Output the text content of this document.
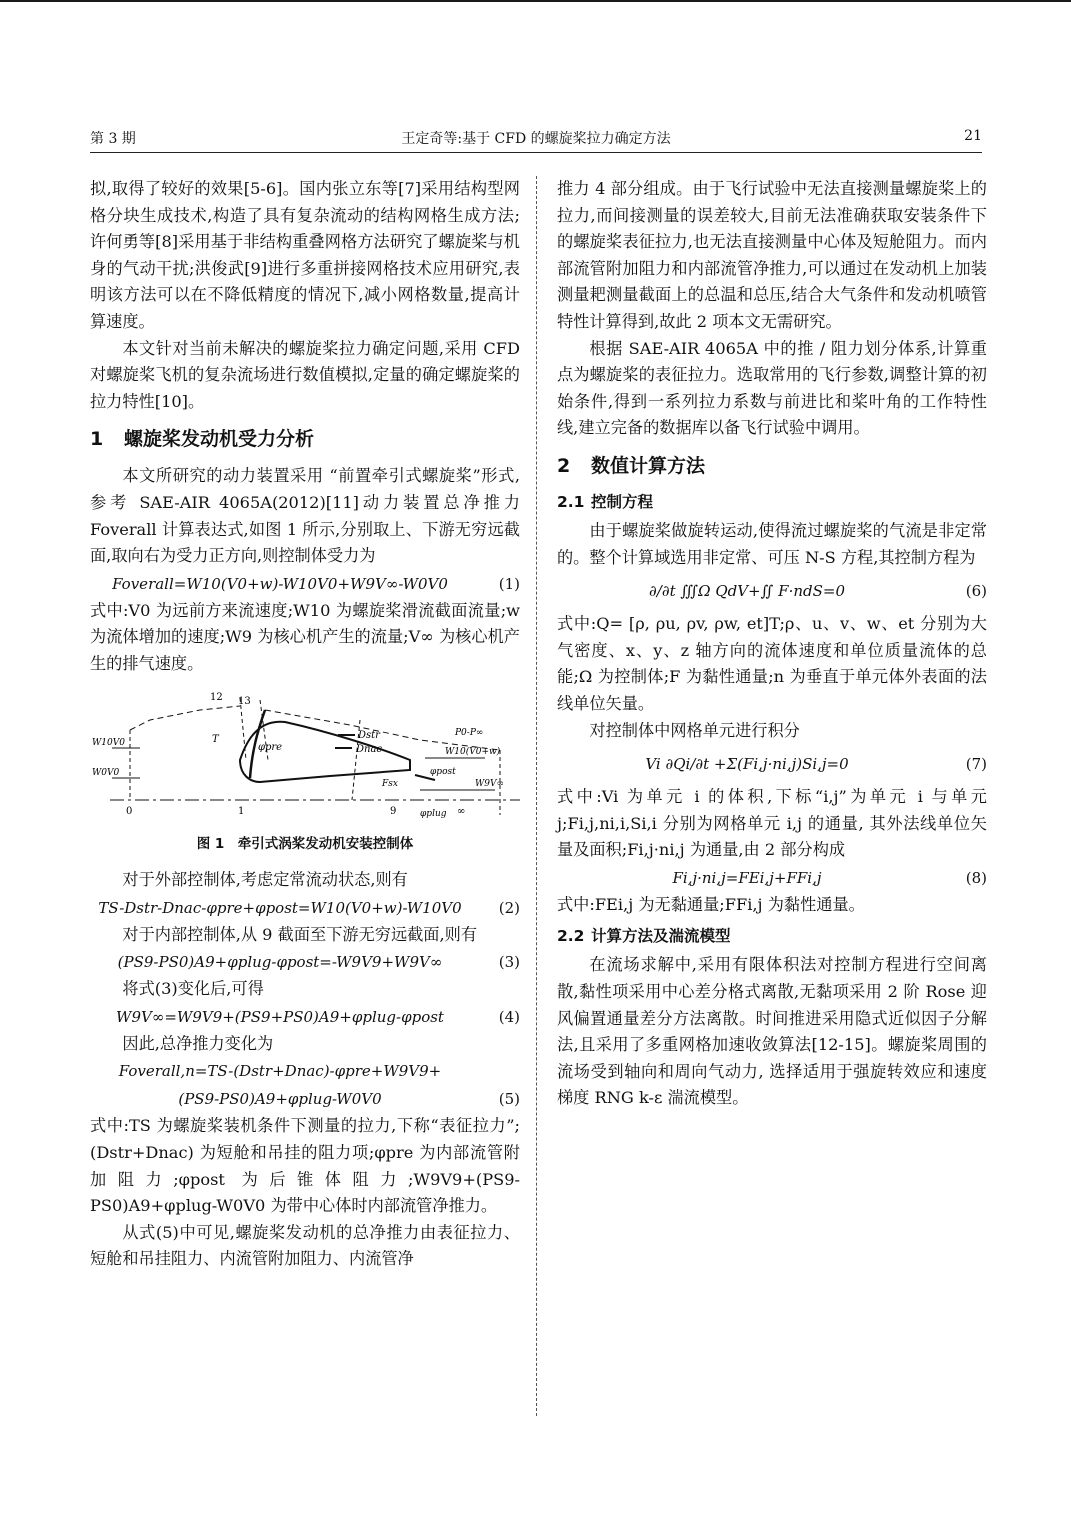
第 3 期	王定奇等:基于 CFD 的螺旋桨拉力确定方法	21

拟,取得了较好的效果[5-6]。国内张立东等[7]采用结构型网格分块生成技术,构造了具有复杂流动的结构网格生成方法;许何勇等[8]采用基于非结构重叠网格方法研究了螺旋桨与机身的气动干扰;洪俊武[9]进行多重拼接网格技术应用研究,表明该方法可以在不降低精度的情况下,减小网格数量,提高计算速度。

本文针对当前未解决的螺旋桨拉力确定问题,采用 CFD 对螺旋桨飞机的复杂流场进行数值模拟,定量的确定螺旋桨的拉力特性[10]。

1 螺旋桨发动机受力分析

本文所研究的动力装置采用 “前置牵引式螺旋桨”形式,参考 SAE-AIR 4065A(2012)[11]动力装置总净推力 Foverall 计算表达式,如图 1 所示,分别取上、下游无穷远截面,取向右为受力正方向,则控制体受力为

Foverall=W10(V0+w)-W10V0+W9V∞-W0V0	(1)

式中:V0 为远前方来流速度;W10 为螺旋桨滑流截面流量;w 为流体增加的速度;W9 为核心机产生的流量;V∞ 为核心机产生的排气速度。

12 13
T
φpre
Dstr
Dnac
W10V0
W0V0
P0-P∞
W10(V0+w)
Fsx
φpost
φplug
W9V∞
0	1	9	∞
图 1　牵引式涡桨发动机安装控制体

对于外部控制体,考虑定常流动状态,则有

TS-Dstr-Dnac-φpre+φpost=W10(V0+w)-W10V0	(2)

对于内部控制体,从 9 截面至下游无穷远截面,则有

(PS9-PS0)A9+φplug-φpost=-W9V9+W9V∞	(3)

将式(3)变化后,可得

W9V∞=W9V9+(PS9+PS0)A9+φplug-φpost	(4)

因此,总净推力变化为

Foverall,n=TS-(Dstr+Dnac)-φpre+W9V9+
(PS9-PS0)A9+φplug-W0V0	(5)

式中:TS 为螺旋桨装机条件下测量的拉力,下称“表征拉力”;(Dstr+Dnac) 为短舱和吊挂的阻力项;φpre 为内部流管附加阻力;φpost 为后锥体阻力;W9V9+(PS9-PS0)A9+φplug-W0V0 为带中心体时内部流管净推力。

从式(5)中可见,螺旋桨发动机的总净推力由表征拉力、短舱和吊挂阻力、内流管附加阻力、内流管净

推力 4 部分组成。由于飞行试验中无法直接测量螺旋桨上的拉力,而间接测量的误差较大,目前无法准确获取安装条件下的螺旋桨表征拉力,也无法直接测量中心体及短舱阻力。而内部流管附加阻力和内部流管净推力,可以通过在发动机上加装测量耙测量截面上的总温和总压,结合大气条件和发动机喷管特性计算得到,故此 2 项本文无需研究。

根据 SAE-AIR 4065A 中的推 / 阻力划分体系,计算重点为螺旋桨的表征拉力。选取常用的飞行参数,调整计算的初始条件,得到一系列拉力系数与前进比和桨叶角的工作特性线,建立完备的数据库以备飞行试验中调用。

2 数值计算方法
2.1 控制方程

由于螺旋桨做旋转运动,使得流过螺旋桨的气流是非定常的。整个计算域选用非定常、可压 N-S 方程,其控制方程为

∂/∂t ∭Ω QdV+∬ F·ndS=0	(6)

式中:Q= [ρ, ρu, ρv, ρw, et]T;ρ、u、v、w、et 分别为大气密度、x、y、z 轴方向的流体速度和单位质量流体的总能;Ω 为控制体;F 为黏性通量;n 为垂直于单元体外表面的法线单位矢量。

对控制体中网格单元进行积分

Vi ∂Qi/∂t +Σ(Fi,j·ni,j)Si,j=0	(7)

式中:Vi 为单元 i 的体积,下标“i,j”为单元 i 与单元 j;Fi,j,ni,i,Si,i 分别为网格单元 i,j 的通量, 其外法线单位矢量及面积;Fi,j·ni,j 为通量,由 2 部分构成

Fi,j·ni,j=FEi,j+FFi,j	(8)

式中:FEi,j 为无黏通量;FFi,j 为黏性通量。

2.2 计算方法及湍流模型

在流场求解中,采用有限体积法对控制方程进行空间离散,黏性项采用中心差分格式离散,无黏项采用 2 阶 Rose 迎风偏置通量差分方法离散。时间推进采用隐式近似因子分解法,且采用了多重网格加速收敛算法[12-15]。螺旋桨周围的流场受到轴向和周向气动力, 选择适用于强旋转效应和速度梯度 RNG k-ε 湍流模型。
